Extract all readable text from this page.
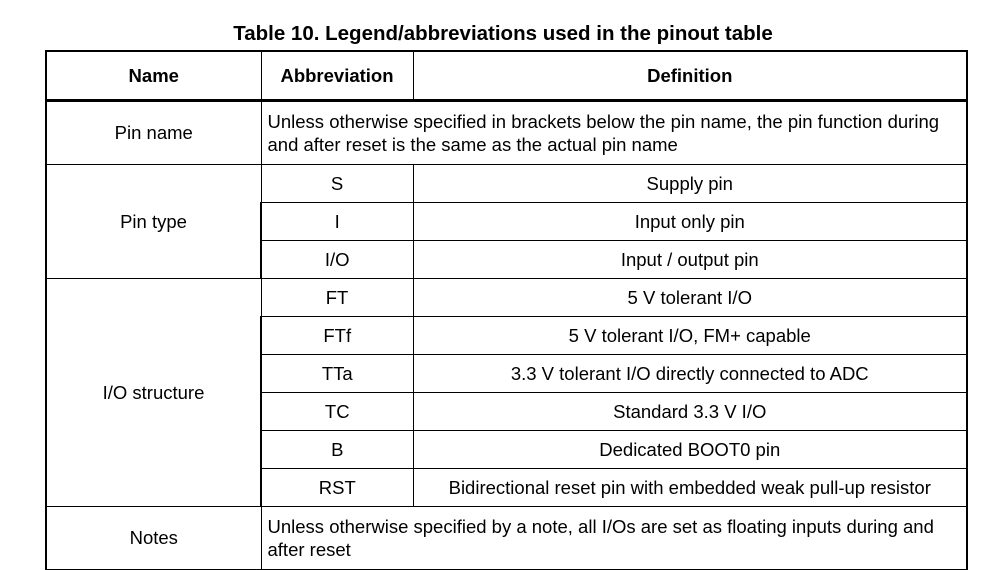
Table 10. Legend/abbreviations used in the pinout table
Name	Abbreviation	Definition
Pin name	Unless otherwise specified in brackets below the pin name, the pin function during and after reset is the same as the actual pin name	
Pin type	S	Supply pin
	I	Input only pin
	I/O	Input / output pin
I/O structure	FT	5 V tolerant I/O
	FTf	5 V tolerant I/O, FM+ capable
	TTa	3.3 V tolerant I/O directly connected to ADC
	TC	Standard 3.3 V I/O
	B	Dedicated BOOT0 pin
	RST	Bidirectional reset pin with embedded weak pull-up resistor
Notes	Unless otherwise specified by a note, all I/Os are set as floating inputs during and after reset	
